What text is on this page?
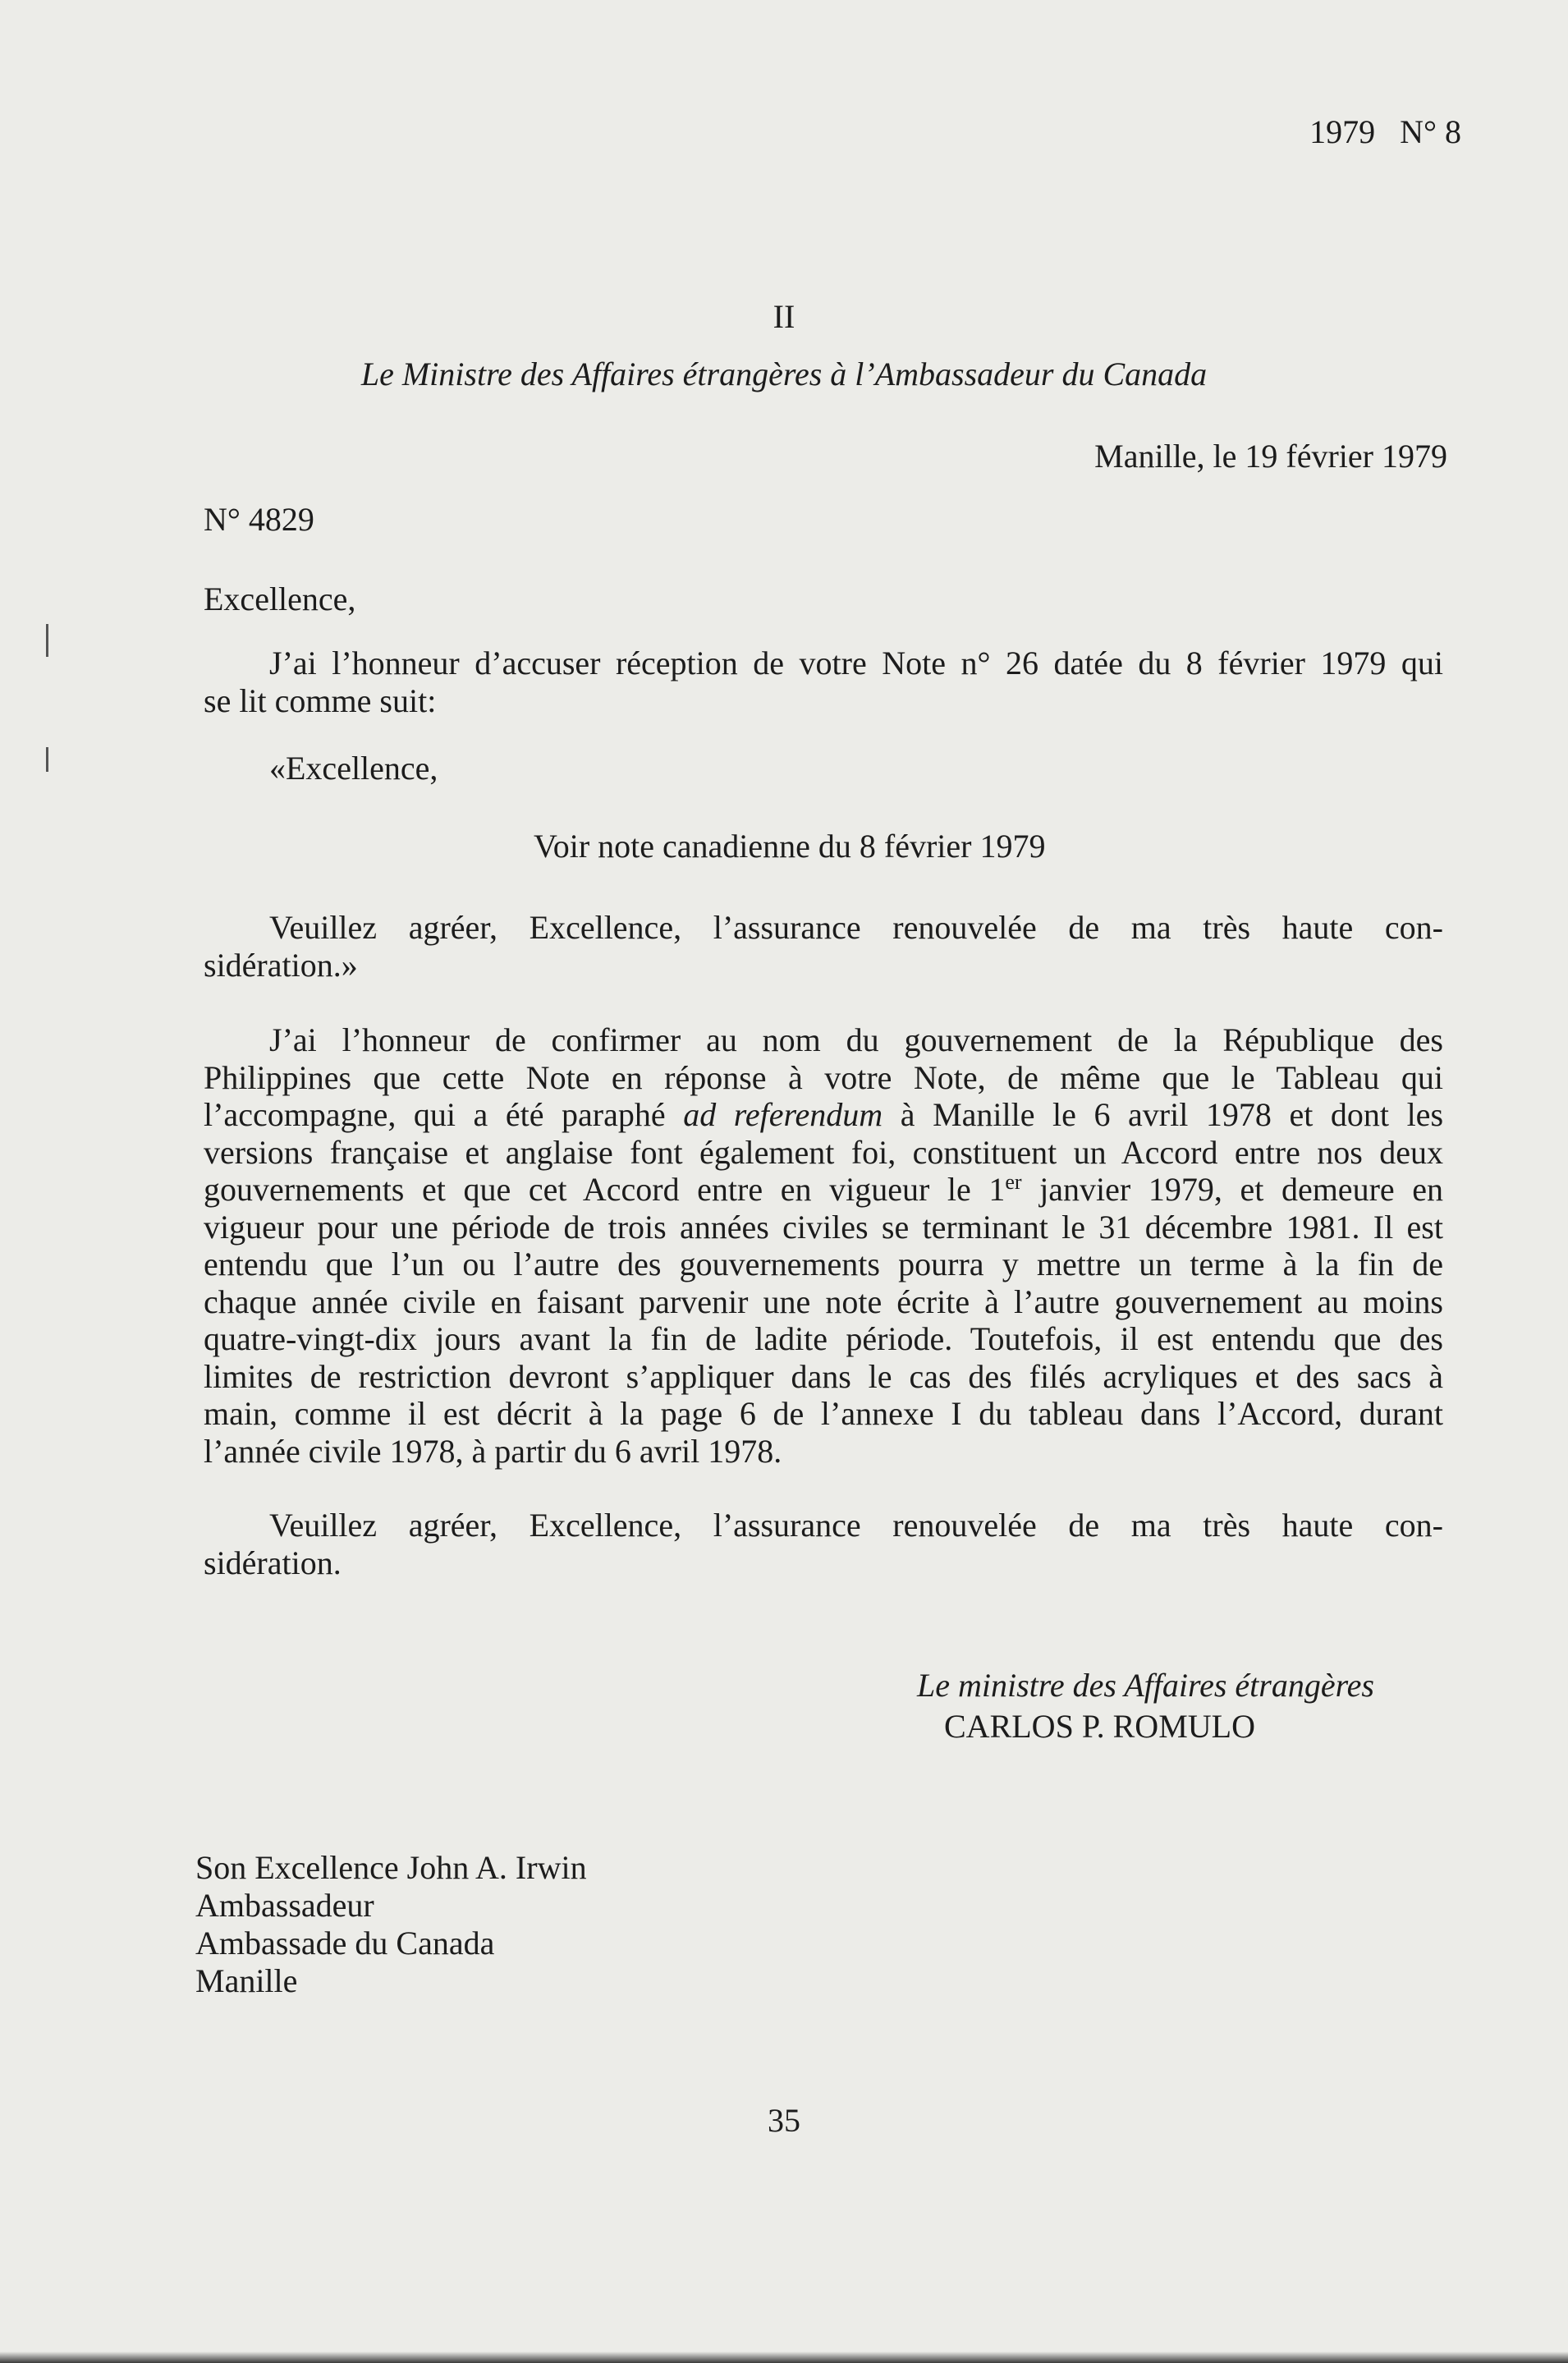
1979   N° 8

II

Le Ministre des Affaires étrangères à l’Ambassadeur du Canada

Manille, le 19 février 1979

N° 4829

Excellence,

J’ai l’honneur d’accuser réception de votre Note n° 26 datée du 8 février 1979 qui
se lit comme suit:

«Excellence,

Voir note canadienne du 8 février 1979

Veuillez agréer, Excellence, l’assurance renouvelée de ma très haute con-
sidération.»
J’ai l’honneur de confirmer au nom du gouvernement de la République des
Philippines que cette Note en réponse à votre Note, de même que le Tableau qui
l’accompagne, qui a été paraphé ad referendum à Manille le 6 avril 1978 et dont les
versions française et anglaise font également foi, constituent un Accord entre nos deux
gouvernements et que cet Accord entre en vigueur le 1er janvier 1979, et demeure en
vigueur pour une période de trois années civiles se terminant le 31 décembre 1981. Il est
entendu que l’un ou l’autre des gouvernements pourra y mettre un terme à la fin de
chaque année civile en faisant parvenir une note écrite à l’autre gouvernement au moins
quatre-vingt-dix jours avant la fin de ladite période. Toutefois, il est entendu que des
limites de restriction devront s’appliquer dans le cas des filés acryliques et des sacs à
main, comme il est décrit à la page 6 de l’annexe I du tableau dans l’Accord, durant
l’année civile 1978, à partir du 6 avril 1978.
Veuillez agréer, Excellence, l’assurance renouvelée de ma très haute con-
sidération.

Le ministre des Affaires étrangères

CARLOS P. ROMULO

Son Excellence John A. Irwin
Ambassadeur
Ambassade du Canada
Manille

35
